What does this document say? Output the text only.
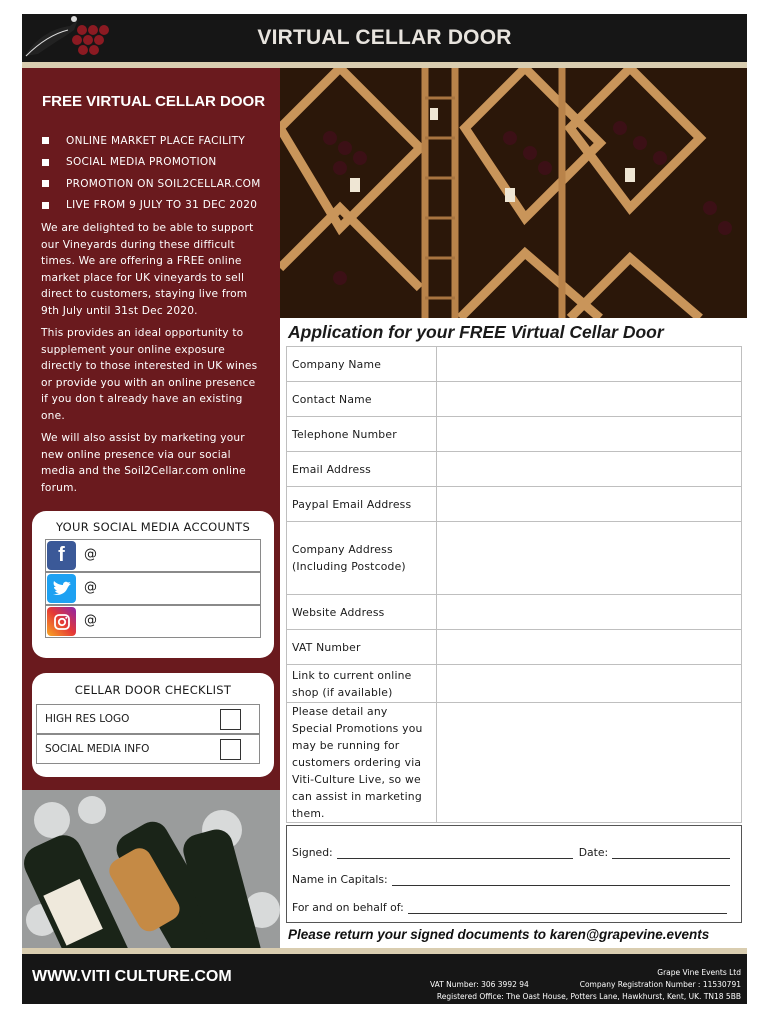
VIRTUAL CELLAR DOOR
FREE VIRTUAL CELLAR DOOR
ONLINE MARKET PLACE FACILITY
SOCIAL MEDIA PROMOTION
PROMOTION ON SOIL2CELLAR.COM
LIVE FROM 9 JULY TO 31 DEC 2020

We are delighted to be able to support our Vineyards during these difficult times. We are offering a FREE online market place for UK vineyards to sell direct to customers, staying live from 9th July until 31st Dec 2020.

This provides an ideal opportunity to supplement your online exposure directly to those interested in UK wines or provide you with an online presence if you don t already have an existing one.

We will also assist by marketing your new online presence via our social media and the Soil2Cellar.com online forum.

YOUR SOCIAL MEDIA ACCOUNTS
f	@
@
@
CELLAR DOOR CHECKLIST
HIGH RES LOGO
SOCIAL MEDIA INFO
Application for your FREE Virtual Cellar Door
Company Name	
Contact Name	
Telephone Number	
Email Address	
Paypal Email Address	
Company Address
(Including Postcode)	
Website Address	
VAT Number	
Link to current online shop (if available)	
Please detail any Special Promotions you may be running for customers ordering via Viti-Culture Live, so we can assist in marketing them.	
Signed:	Date:
Name in Capitals:
For and on behalf of:
Please return your signed documents to karen@grapevine.events
WWW.VITI CULTURE.COM	Grape Vine Events Ltd
VAT Number: 306 3992 94	Company Registration Number : 11530791
Registered Office: The Oast House, Potters Lane, Hawkhurst, Kent, UK. TN18 5BB
